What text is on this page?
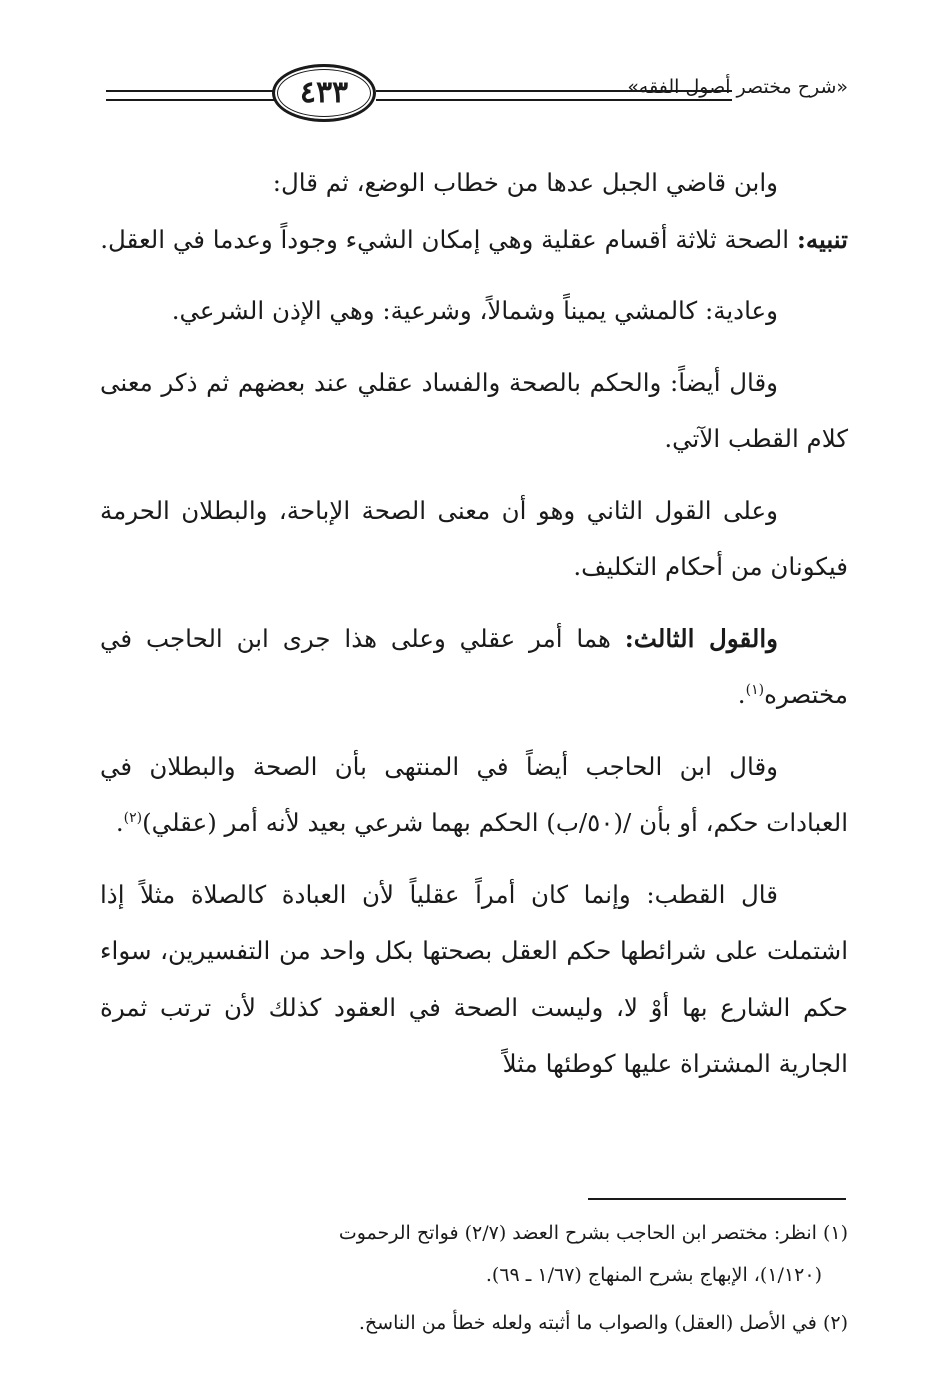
٤٣٣	«شرح مختصر أصول الفقه»

وابن قاضي الجبل عدها من خطاب الوضع، ثم قال:
تنبيه: الصحة ثلاثة أقسام عقلية وهي إمكان الشيء وجوداً وعدما في العقل.

وعادية: كالمشي يميناً وشمالاً، وشرعية: وهي الإذن الشرعي.

وقال أيضاً: والحكم بالصحة والفساد عقلي عند بعضهم ثم ذكر معنى كلام القطب الآتي.

وعلى القول الثاني وهو أن معنى الصحة الإباحة، والبطلان الحرمة فيكونان من أحكام التكليف.

والقول الثالث: هما أمر عقلي وعلى هذا جرى ابن الحاجب في مختصره$^{(١)}$.

وقال ابن الحاجب أيضاً في المنتهى بأن الصحة والبطلان في العبادات حكم، أو بأن /(٥٠/ب) الحكم بهما شرعي بعيد لأنه أمر (عقلي)$^{(٢)}$.

قال القطب: وإنما كان أمراً عقلياً لأن العبادة كالصلاة مثلاً إذا اشتملت على شرائطها حكم العقل بصحتها بكل واحد من التفسيرين، سواء حكم الشارع بها أوْ لا، وليست الصحة في العقود كذلك لأن ترتب ثمرة الجارية المشتراة عليها كوطئها مثلاً

(١) انظر: مختصر ابن الحاجب بشرح العضد (٢/٧) فواتح الرحموت
(١/١٢٠)، الإبهاج بشرح المنهاج (١/٦٧ ـ ٦٩).
(٢) في الأصل (العقل) والصواب ما أثبته ولعله خطأ من الناسخ.
